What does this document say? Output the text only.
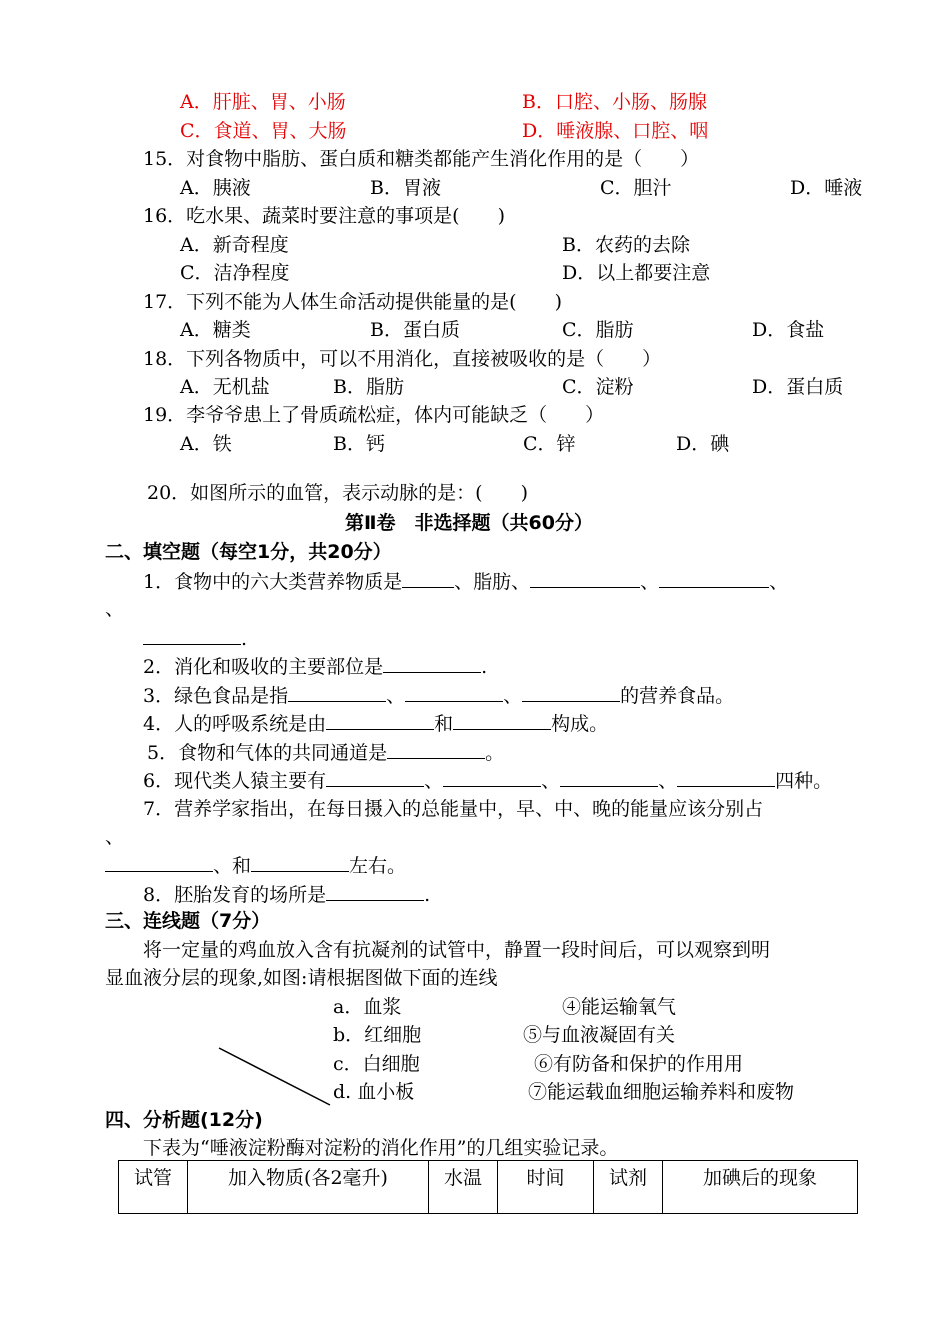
A．肝脏、胃、小肠	B．口腔、小肠、肠腺
C．食道、胃、大肠	D．唾液腺、口腔、咽
15．对食物中脂肪、蛋白质和糖类都能产生消化作用的是（　　）
A．胰液	B．胃液	C．胆汁	D．唾液
16．吃水果、蔬菜时要注意的事项是(　　)
A．新奇程度	B．农药的去除
C．洁净程度	D．以上都要注意
17．下列不能为人体生命活动提供能量的是(　　)
A．糖类	B．蛋白质	C．脂肪	D．食盐
18．下列各物质中，可以不用消化，直接被吸收的是（　　）
A．无机盐	B．脂肪	C．淀粉	D．蛋白质
19．李爷爷患上了骨质疏松症，体内可能缺乏（　　）
A．铁	B．钙	C．锌	D．碘
20．如图所示的血管，表示动脉的是：(　　)
第Ⅱ卷　非选择题（共60分）
二、填空题（每空1分，共20分）
1．食物中的六大类营养物质是	、脂肪、	、	、
、
.
2．消化和吸收的主要部位是	.
3．绿色食品是指	、	、	的营养食品。
4．人的呼吸系统是由	和	构成。
5．食物和气体的共同通道是	。
6．现代类人猿主要有	、	、	、	四种。
7．营养学家指出，在每日摄入的总能量中，早、中、晚的能量应该分别占
、
、和	左右。
8．胚胎发育的场所是	.
三、连线题（7分）
将一定量的鸡血放入含有抗凝剂的试管中，静置一段时间后，可以观察到明
显血液分层的现象,如图:请根据图做下面的连线
a．血浆
b．红细胞
c．白细胞
d. 血小板
④能运输氧气
⑤与血液凝固有关
⑥有防备和保护的作用用
⑦能运载血细胞运输养料和废物
四、分析题(12分)
下表为“唾液淀粉酶对淀粉的消化作用”的几组实验记录。
试管	加入物质(各2毫升)	水温	时间	试剂	加碘后的现象
